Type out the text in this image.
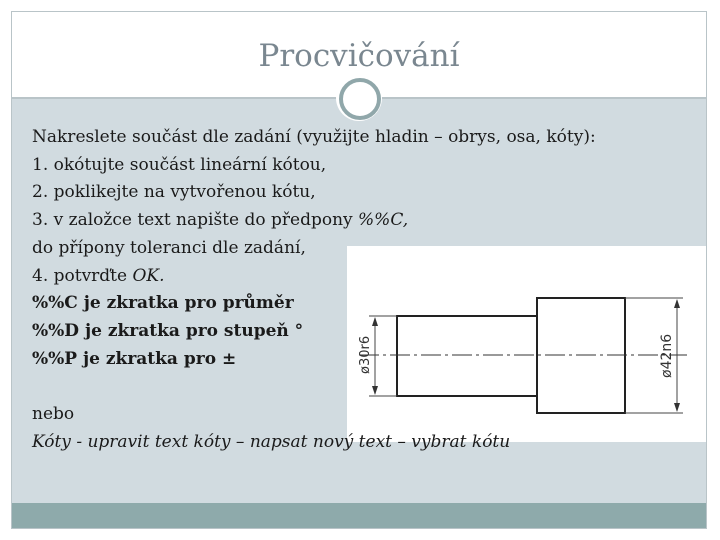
Procvičování
ø30r6	ø42n6
Nakreslete součást dle zadání (využijte hladin – obrys, osa, kóty):
1. okótujte součást lineární kótou,
2. poklikejte na vytvořenou kótu,
3. v založce text napište do předpony %%C,
do přípony toleranci dle zadání,
4. potvrďte OK.
%%C je zkratka pro průměr
%%D je zkratka pro stupeň °
%%P je zkratka pro ±
nebo
Kóty - upravit text kóty – napsat nový text – vybrat kótu
